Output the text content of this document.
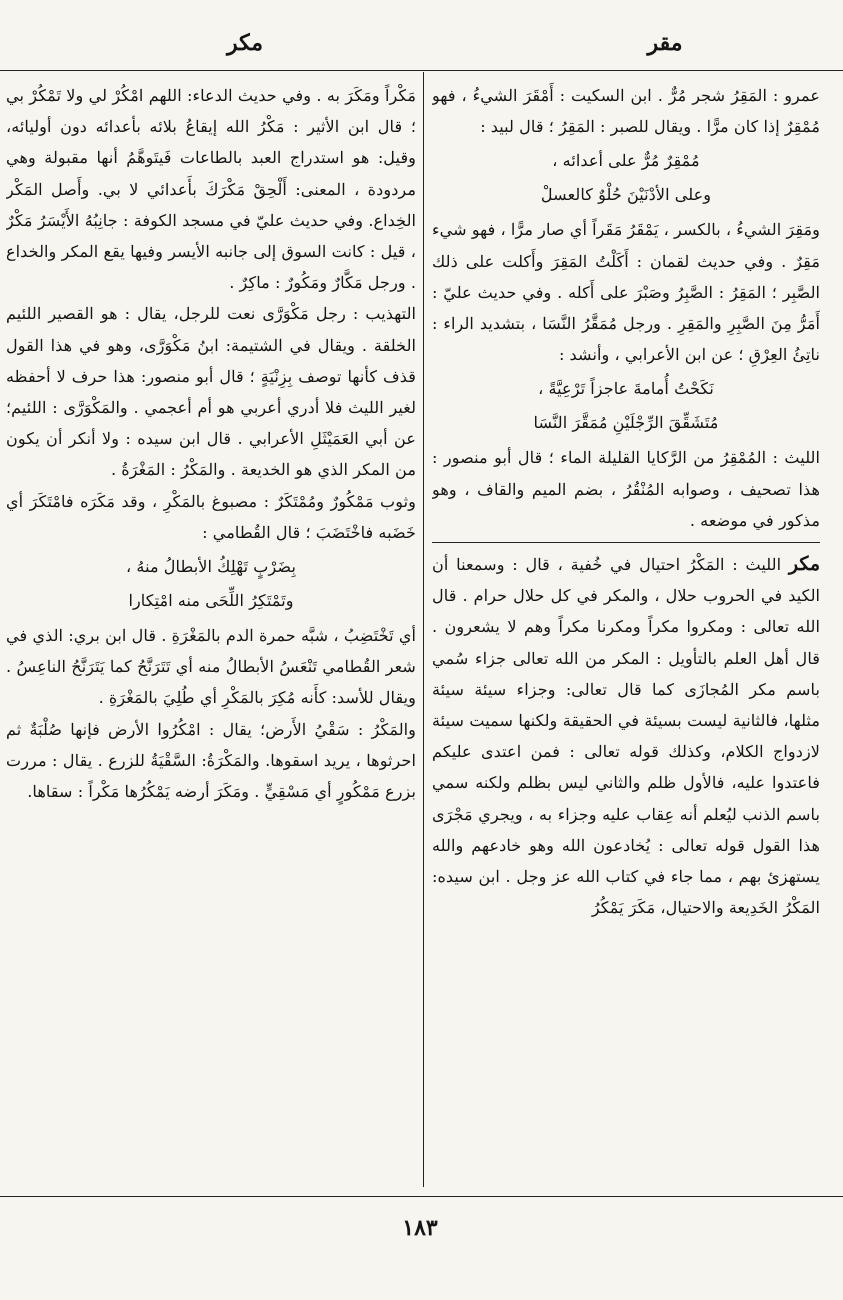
مقر
مكر

عمرو : المَقِرُ شجر مُرٌّ . ابن السكيت : أَمْقَرَ الشيءُ ، فهو مُمْقِرٌ إذا كان مرًّا . ويقال للصبر : المَقِرُ ؛ قال لبيد :

مُمْقِرٌ مُرٌّ على أعدائه ،

وعلى الأدْنَيْنَ حُلْوٌ كالعسلْ

ومَقِرَ الشيءُ ، بالكسر ، يَمْقَرُ مَقَراً أي صار مرًّا ، فهو شيء مَقِرٌ . وفي حديث لقمان : أَكَلْتُ المَقِرَ وأَكلت على ذلك الصَّبِر ؛ المَقِرُ : الصَّبِرُ وصَبْرَ على أَكله . وفي حديث عليّ : أَمَرُّ مِنَ الصَّبِرِ والمَقِرِ . ورجل مُمَقَّرُ النَّسَا ، بتشديد الراء : ناتِئُ العِرْقِ ؛ عن ابن الأعرابي ، وأنشد :

نَكَحْتُ أُمامةَ عاجزاً تَرْعِيَّةً ،

مُتَشَقِّقَ الرِّجْلَيْنِ مُمَقَّرَ النَّسَا

الليث : المُمْقِرُ من الرَّكايا القليلة الماء ؛ قال أبو منصور : هذا تصحيف ، وصوابه المُنْقُرُ ، بضم الميم والقاف ، وهو مذكور في موضعه .

مكر الليث : المَكْرُ احتيال في خُفية ، قال : وسمعنا أن الكيد في الحروب حلال ، والمكر في كل حلال حرام . قال الله تعالى : ومكروا مكراً ومكرنا مكراً وهم لا يشعرون . قال أهل العلم بالتأويل : المكر من الله تعالى جزاء سُمي باسم مكر المُجازَى كما قال تعالى: وجزاء سيئة سيئة مثلها، فالثانية ليست بسيئة في الحقيقة ولكنها سميت سيئة لازدواج الكلام، وكذلك قوله تعالى : فمن اعتدى عليكم فاعتدوا عليه، فالأول ظلم والثاني ليس بظلم ولكنه سمي باسم الذنب ليُعلم أنه عِقاب عليه وجزاء به ، ويجري مَجْرَى هذا القول قوله تعالى : يُخادعون الله وهو خادعهم والله يستهزئ بهم ، مما جاء في كتاب الله عز وجل . ابن سيده: المَكْرُ الخَدِيعة والاحتيال، مَكَرَ يَمْكُرُ

مَكْراً ومَكَرَ به . وفي حديث الدعاء: اللهم امْكُرْ لي ولا تَمْكُرْ بي ؛ قال ابن الأثير : مَكْرُ الله إيقاعُ بلائه بأعدائه دون أوليائه، وقيل: هو استدراج العبد بالطاعات فَيتَوهَّمُ أنها مقبولة وهي مردودة ، المعنى: أَلْحِقْ مَكْرَكَ بأَعدائي لا بي. وأَصل المَكْر الخِداع. وفي حديث عليّ في مسجد الكوفة : جانِبُهُ الأَيْسَرُ مَكْرٌ ، قيل : كانت السوق إلى جانبه الأيسر وفيها يقع المكر والخداع . ورجل مَكَّارٌ ومَكُورٌ : ماكِرٌ .

التهذيب : رجل مَكْوَرَّى نعت للرجل، يقال : هو القصير اللئيم الخلقة . ويقال في الشتيمة: ابنُ مَكْوَرَّى، وهو في هذا القول قذف كأنها توصف بِزِنْيَةٍ ؛ قال أبو منصور: هذا حرف لا أحفظه لغير الليث فلا أدري أعربي هو أم أعجمي . والمَكْوَرَّى : اللئيم؛ عن أبي العَمَيْثَلِ الأعرابي . قال ابن سيده : ولا أنكر أن يكون من المكر الذي هو الخديعة . والمَكْرُ : المَغْرَةُ .

وثوب مَمْكُورٌ ومُمْتَكَرٌ : مصبوغ بالمَكْرِ ، وقد مَكَرَه فامْتَكَرَ أي خَضَبه فاخْتَضَبَ ؛ قال القُطامي :

بِضَرْبٍ تَهْلِكُ الأبطالُ منهُ ،

وتَمْتَكِرُ اللِّحَى منه امْتِكارا

أي تَخْتَضِبُ ، شبَّه حمرة الدم بالمَغْرَةِ . قال ابن بري: الذي في شعر القُطامي تَنْعَسُ الأبطالُ منه أي تَتَرَنَّحُ كما يَتَرَنَّحُ الناعِسُ . ويقال للأسد: كأَنه مُكِرَ بالمَكْرِ أي طُلِيَ بالمَغْرَةِ .

والمَكْرُ : سَقْيُ الأَرض؛ يقال : امْكُرُوا الأرض فإنها صُلْبَةٌ ثم احرثوها ، يريد اسقوها. والمَكْرَةُ: السَّقْيَةُ للزرع . يقال : مررت بزرع مَمْكُورٍ أي مَسْقِيٍّ . ومَكَرَ أرضه يَمْكُرُها مَكْراً : سقاها.

١٨٣
